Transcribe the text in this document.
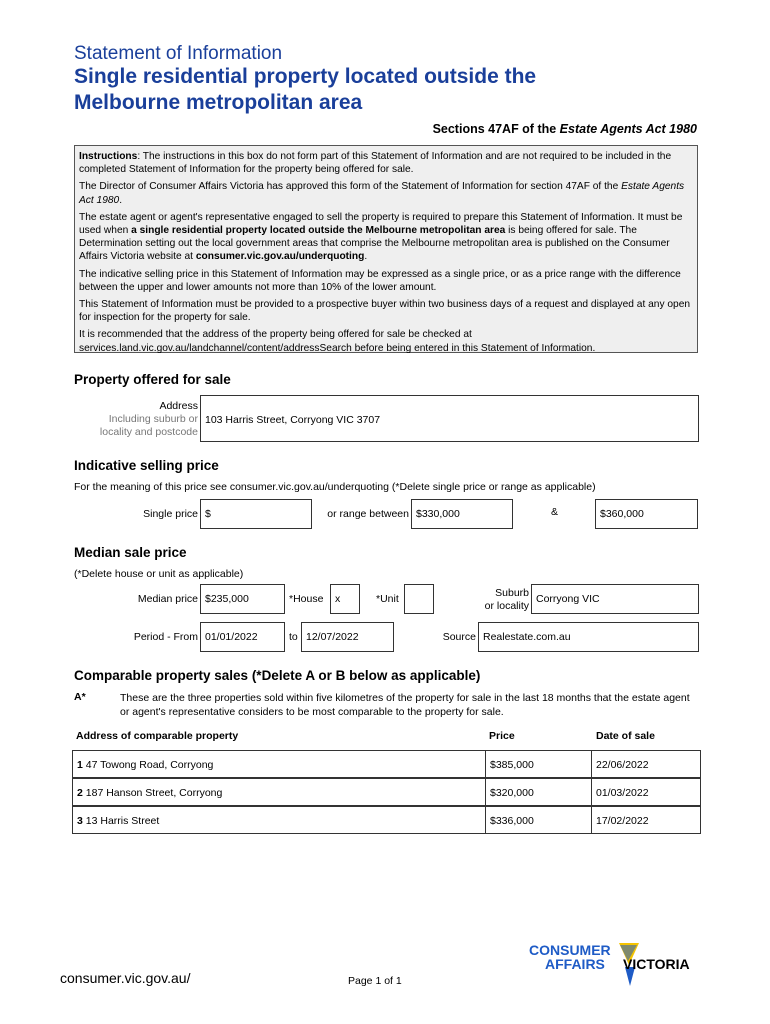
Statement of Information
Single residential property located outside the
Melbourne metropolitan area
Sections 47AF of the Estate Agents Act 1980

Instructions: The instructions in this box do not form part of this Statement of Information and are not required to be included in the completed Statement of Information for the property being offered for sale.

The Director of Consumer Affairs Victoria has approved this form of the Statement of Information for section 47AF of the Estate Agents Act 1980.

The estate agent or agent's representative engaged to sell the property is required to prepare this Statement of Information. It must be used when a single residential property located outside the Melbourne metropolitan area is being offered for sale. The Determination setting out the local government areas that comprise the Melbourne metropolitan area is published on the Consumer Affairs Victoria website at consumer.vic.gov.au/underquoting.

The indicative selling price in this Statement of Information may be expressed as a single price, or as a price range with the difference between the upper and lower amounts not more than 10% of the lower amount.

This Statement of Information must be provided to a prospective buyer within two business days of a request and displayed at any open for inspection for the property for sale.

It is recommended that the address of the property being offered for sale be checked at services.land.vic.gov.au/landchannel/content/addressSearch before being entered in this Statement of Information.

Property offered for sale
Address
Including suburb or
locality and postcode
103 Harris Street, Corryong VIC 3707
Indicative selling price
For the meaning of this price see consumer.vic.gov.au/underquoting (*Delete single price or range as applicable)
Single price $	or range between $330,000	&	$360,000
Median sale price
(*Delete house or unit as applicable)
Median price $235,000	*House x	*Unit	Suburb
or locality
Corryong VIC
Period - From 01/01/2022	to 12/07/2022	Source Realestate.com.au
Comparable property sales (*Delete A or B below as applicable)
A*	These are the three properties sold within five kilometres of the property for sale in the last 18 months that the estate agent or agent's representative considers to be most comparable to the property for sale.
Address of comparable property	Price	Date of sale
1 47 Towong Road, Corryong	$385,000	22/06/2022
2 187 Hanson Street, Corryong	$320,000	01/03/2022
3 13 Harris Street	$336,000	17/02/2022
consumer.vic.gov.au/	Page 1 of 1
CONSUMER
AFFAIRS VICTORIA
